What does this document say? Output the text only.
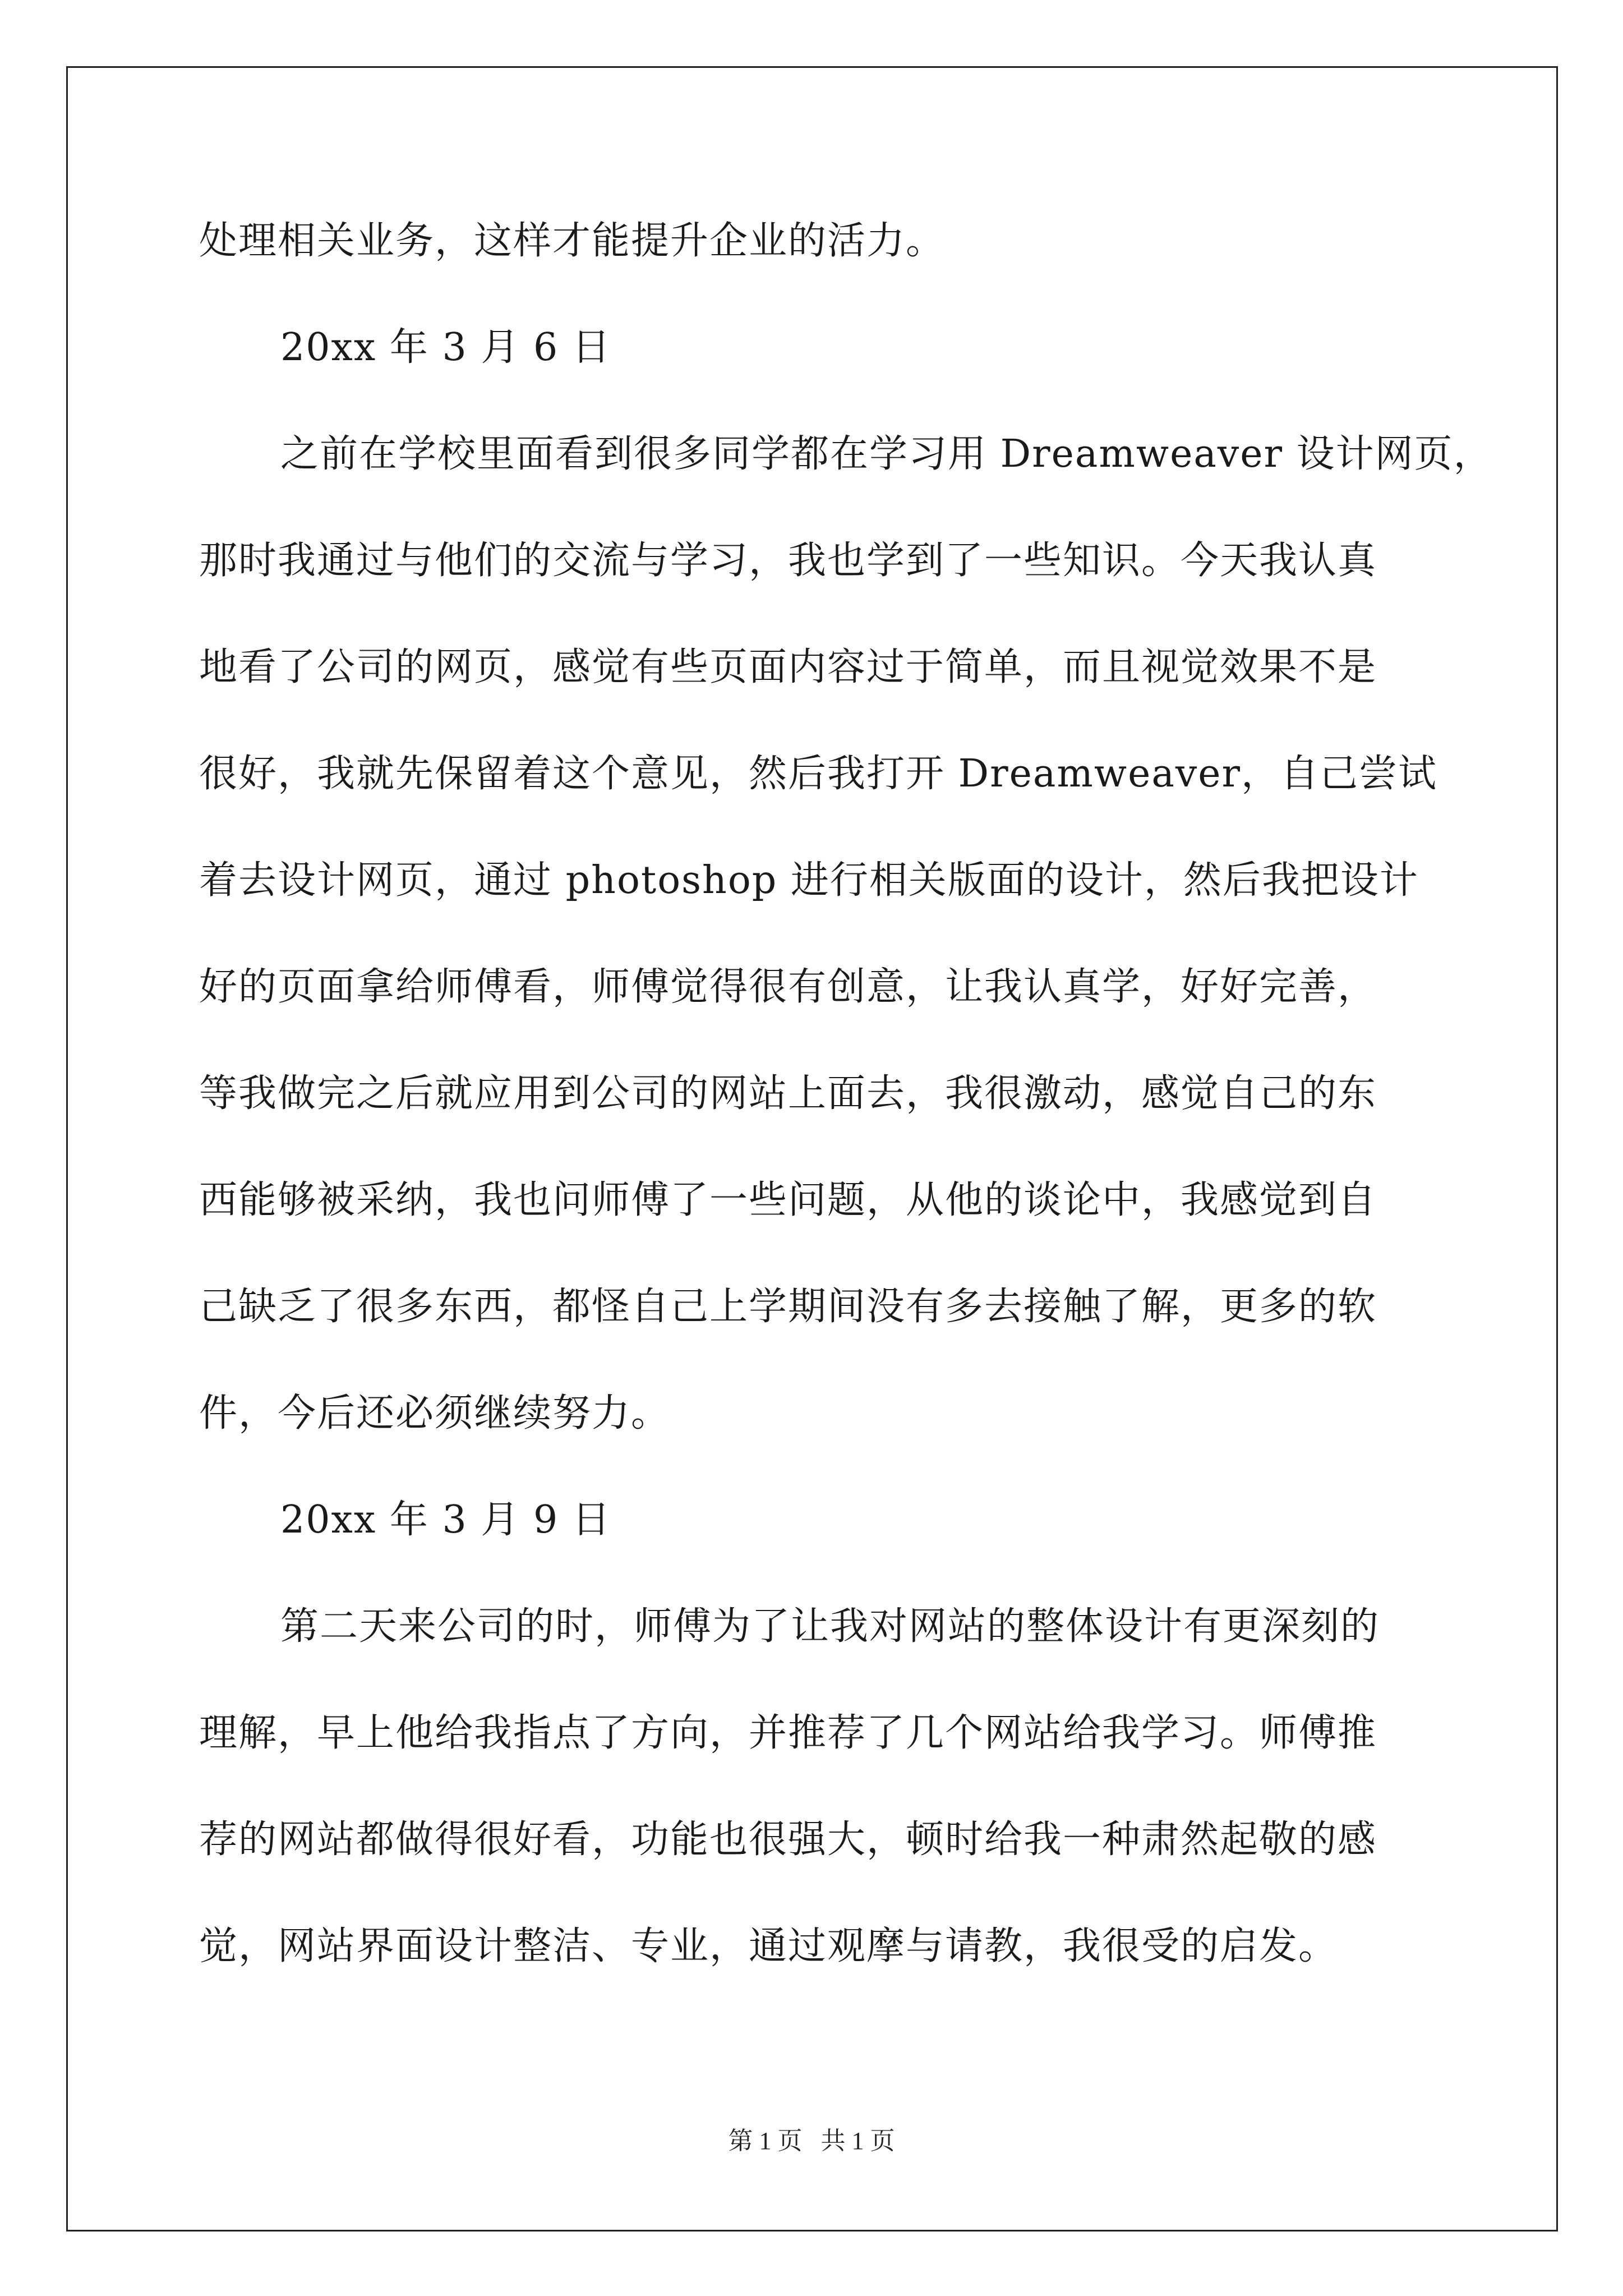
处理相关业务，这样才能提升企业的活力。
20xx 年 3 月 6 日
之前在学校里面看到很多同学都在学习用 Dreamweaver 设计网页，
那时我通过与他们的交流与学习，我也学到了一些知识。今天我认真
地看了公司的网页，感觉有些页面内容过于简单，而且视觉效果不是
很好，我就先保留着这个意见，然后我打开 Dreamweaver，自己尝试
着去设计网页，通过 photoshop 进行相关版面的设计，然后我把设计
好的页面拿给师傅看，师傅觉得很有创意，让我认真学，好好完善，
等我做完之后就应用到公司的网站上面去，我很激动，感觉自己的东
西能够被采纳，我也问师傅了一些问题，从他的谈论中，我感觉到自
己缺乏了很多东西，都怪自己上学期间没有多去接触了解，更多的软
件，今后还必须继续努力。
20xx 年 3 月 9 日
第二天来公司的时，师傅为了让我对网站的整体设计有更深刻的
理解，早上他给我指点了方向，并推荐了几个网站给我学习。师傅推
荐的网站都做得很好看，功能也很强大，顿时给我一种肃然起敬的感
觉，网站界面设计整洁、专业，通过观摩与请教，我很受的启发。
第 1 页   共 1 页
